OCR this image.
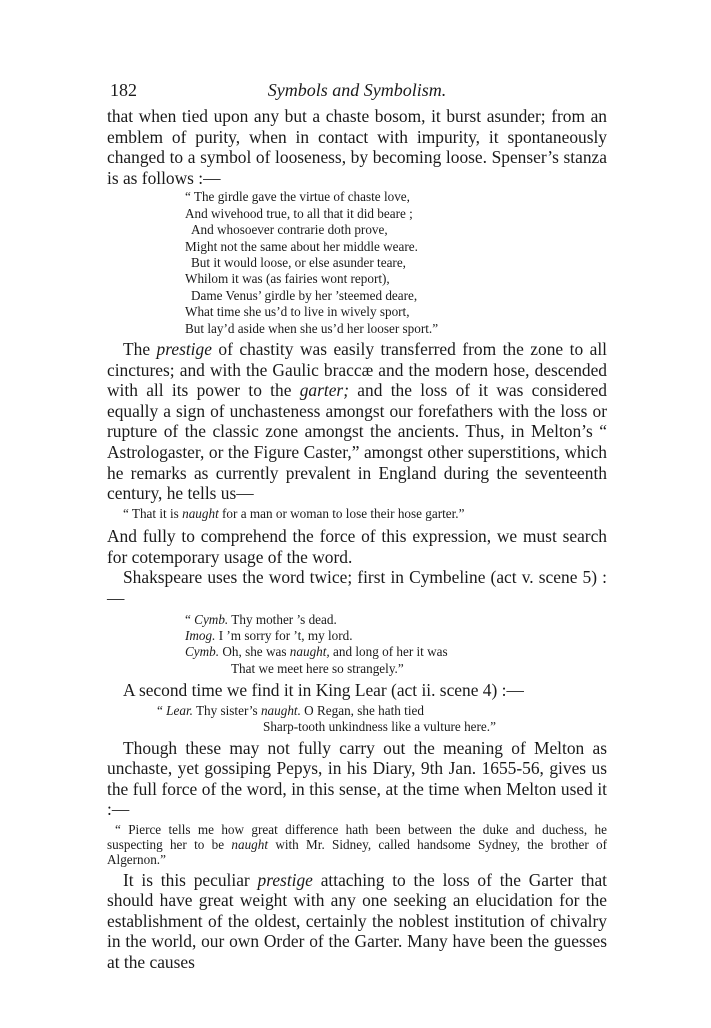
182	Symbols and Symbolism.

that when tied upon any but a chaste bosom, it burst asunder; from an emblem of purity, when in contact with impurity, it spontaneously changed to a symbol of looseness, by becoming loose. Spenser’s stanza is as follows :—

“ The girdle gave the virtue of chaste love,
And wivehood true, to all that it did beare ;
And whosoever contrarie doth prove,
Might not the same about her middle weare.
But it would loose, or else asunder teare,
Whilom it was (as fairies wont report),
Dame Venus’ girdle by her ’steemed deare,
What time she us’d to live in wively sport,
But lay’d aside when she us’d her looser sport.”

The prestige of chastity was easily transferred from the zone to all cinctures; and with the Gaulic braccæ and the modern hose, descended with all its power to the garter; and the loss of it was considered equally a sign of unchasteness amongst our forefathers with the loss or rupture of the classic zone amongst the ancients. Thus, in Melton’s “ Astrologaster, or the Figure Caster,” amongst other superstitions, which he remarks as currently prevalent in England during the seventeenth century, he tells us—

“ That it is naught for a man or woman to lose their hose garter.”

And fully to comprehend the force of this expression, we must search for cotemporary usage of the word.

Shakspeare uses the word twice; first in Cymbeline (act v. scene 5) :—

“ Cymb. Thy mother ’s dead.
Imog. I ’m sorry for ’t, my lord.
Cymb. Oh, she was naught, and long of her it was
That we meet here so strangely.”

A second time we find it in King Lear (act ii. scene 4) :—

“ Lear. Thy sister’s naught. O Regan, she hath tied
Sharp-tooth unkindness like a vulture here.”

Though these may not fully carry out the meaning of Melton as unchaste, yet gossiping Pepys, in his Diary, 9th Jan. 1655-56, gives us the full force of the word, in this sense, at the time when Melton used it :—

“ Pierce tells me how great difference hath been between the duke and duchess, he suspecting her to be naught with Mr. Sidney, called handsome Sydney, the brother of Algernon.”

It is this peculiar prestige attaching to the loss of the Garter that should have great weight with any one seeking an elucidation for the establishment of the oldest, certainly the noblest institution of chivalry in the world, our own Order of the Garter. Many have been the guesses at the causes
